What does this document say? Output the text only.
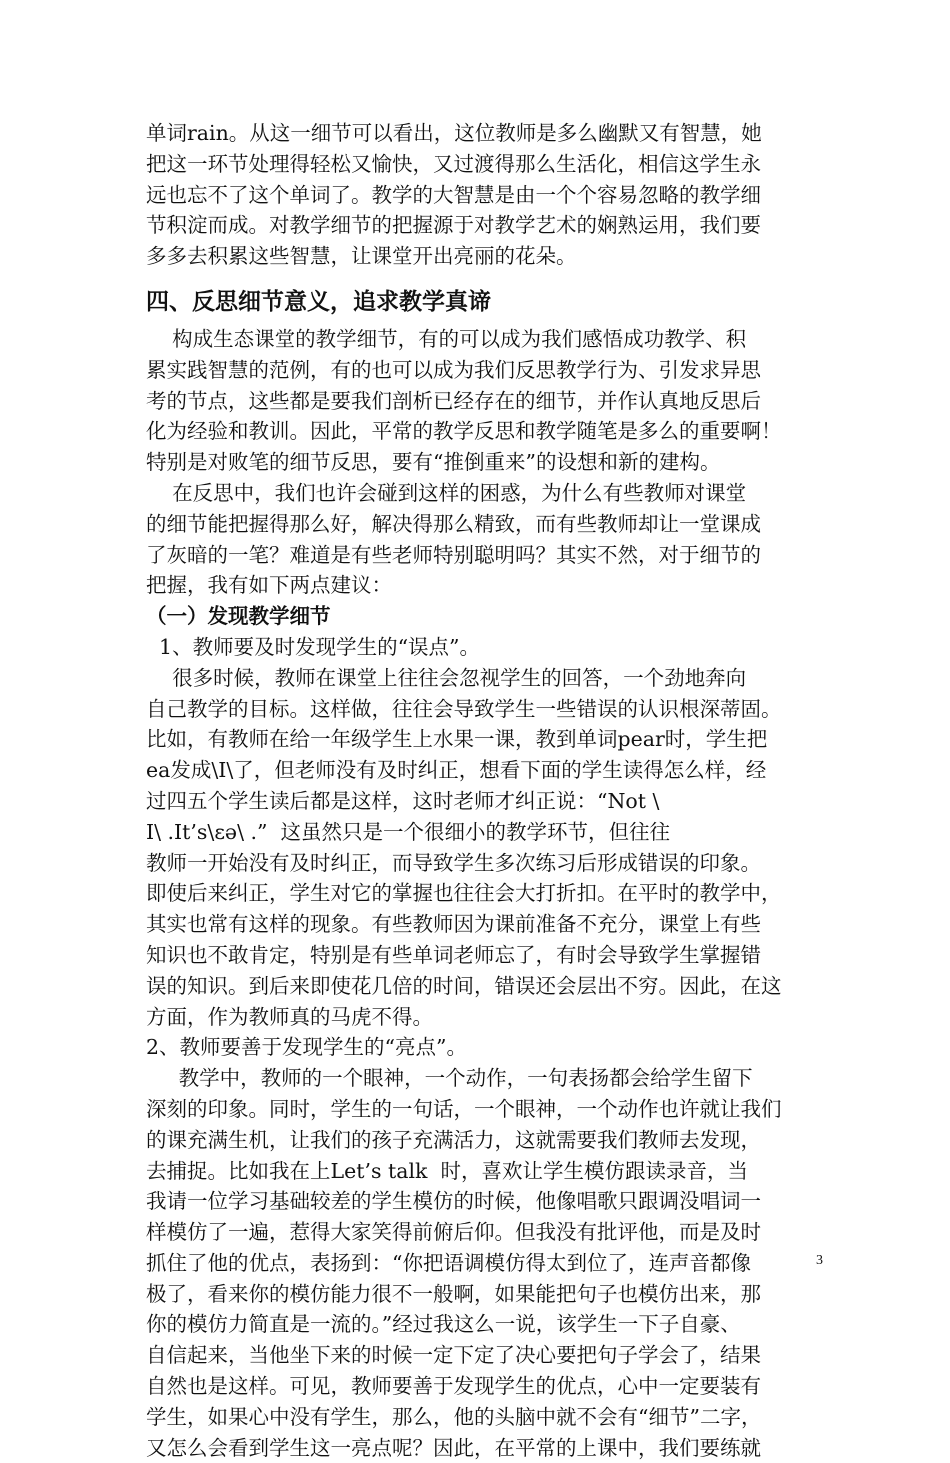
单词rain。从这一细节可以看出，这位教师是多么幽默又有智慧，她
把这一环节处理得轻松又愉快，又过渡得那么生活化，相信这学生永
远也忘不了这个单词了。教学的大智慧是由一个个容易忽略的教学细
节积淀而成。对教学细节的把握源于对教学艺术的娴熟运用，我们要
多多去积累这些智慧，让课堂开出亮丽的花朵。
四、反思细节意义，追求教学真谛
构成生态课堂的教学细节，有的可以成为我们感悟成功教学、积
累实践智慧的范例，有的也可以成为我们反思教学行为、引发求异思
考的节点，这些都是要我们剖析已经存在的细节，并作认真地反思后
化为经验和教训。因此，平常的教学反思和教学随笔是多么的重要啊！
特别是对败笔的细节反思，要有“推倒重来”的设想和新的建构。
在反思中，我们也许会碰到这样的困惑，为什么有些教师对课堂
的细节能把握得那么好，解决得那么精致，而有些教师却让一堂课成
了灰暗的一笔？难道是有些老师特别聪明吗？其实不然，对于细节的
把握，我有如下两点建议：
（一）发现教学细节
1、教师要及时发现学生的“误点”。
很多时候，教师在课堂上往往会忽视学生的回答，一个劲地奔向
自己教学的目标。这样做，往往会导致学生一些错误的认识根深蒂固。
比如，有教师在给一年级学生上水果一课，教到单词pear时，学生把
ea发成\I\了，但老师没有及时纠正，想看下面的学生读得怎么样，经
过四五个学生读后都是这样，这时老师才纠正说：“Not \
I\ .It’s\ɛə\ .”  这虽然只是一个很细小的教学环节，但往往
教师一开始没有及时纠正，而导致学生多次练习后形成错误的印象。
即使后来纠正，学生对它的掌握也往往会大打折扣。在平时的教学中，
其实也常有这样的现象。有些教师因为课前准备不充分，课堂上有些
知识也不敢肯定，特别是有些单词老师忘了，有时会导致学生掌握错
误的知识。到后来即使花几倍的时间，错误还会层出不穷。因此，在这
方面，作为教师真的马虎不得。
2、教师要善于发现学生的“亮点”。
教学中，教师的一个眼神，一个动作，一句表扬都会给学生留下
深刻的印象。同时，学生的一句话，一个眼神，一个动作也许就让我们
的课充满生机，让我们的孩子充满活力，这就需要我们教师去发现，
去捕捉。比如我在上Let’s talk  时，喜欢让学生模仿跟读录音，当
我请一位学习基础较差的学生模仿的时候，他像唱歌只跟调没唱词一
样模仿了一遍，惹得大家笑得前俯后仰。但我没有批评他，而是及时
抓住了他的优点，表扬到：“你把语调模仿得太到位了，连声音都像
极了，看来你的模仿能力很不一般啊，如果能把句子也模仿出来，那
你的模仿力简直是一流的。”经过我这么一说，该学生一下子自豪、
自信起来，当他坐下来的时候一定下定了决心要把句子学会了，结果
自然也是这样。可见，教师要善于发现学生的优点，心中一定要装有
学生，如果心中没有学生，那么，他的头脑中就不会有“细节”二字，
又怎么会看到学生这一亮点呢？因此，在平常的上课中，我们要练就
3
